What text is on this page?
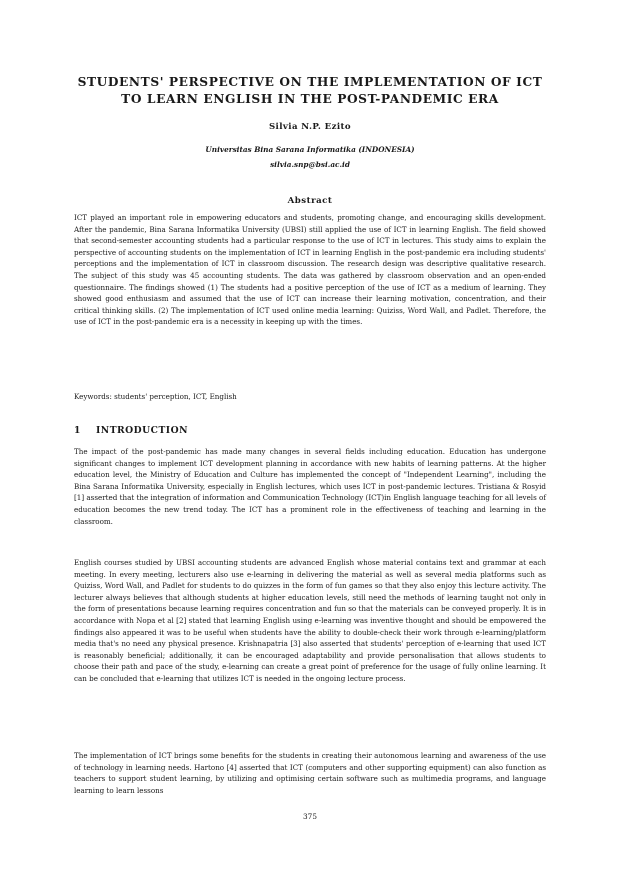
STUDENTS' PERSPECTIVE ON THE IMPLEMENTATION OF ICT
TO LEARN ENGLISH IN THE POST-PANDEMIC ERA

Silvia N.P. Ezito

Universitas Bina Sarana Informatika (INDONESIA)

silvia.snp@bsi.ac.id

Abstract

ICT played an important role in empowering educators and students, promoting change, and encouraging skills development. After the pandemic, Bina Sarana Informatika University (UBSI) still applied the use of ICT in learning English. The field showed that second-semester accounting students had a particular response to the use of ICT in lectures. This study aims to explain the perspective of accounting students on the implementation of ICT in learning English in the post-pandemic era including students' perceptions and the implementation of ICT in classroom discussion. The research design was descriptive qualitative research. The subject of this study was 45 accounting students. The data was gathered by classroom observation and an open-ended questionnaire. The findings showed (1) The students had a positive perception of the use of ICT as a medium of learning. They showed good enthusiasm and assumed that the use of ICT can increase their learning motivation, concentration, and their critical thinking skills. (2) The implementation of ICT used online media learning: Quiziss, Word Wall, and Padlet. Therefore, the use of ICT in the post-pandemic era is a necessity in keeping up with the times.

Keywords: students' perception, ICT, English

1 INTRODUCTION

The impact of the post-pandemic has made many changes in several fields including education. Education has undergone significant changes to implement ICT development planning in accordance with new habits of learning patterns. At the higher education level, the Ministry of Education and Culture has implemented the concept of "Independent Learning", including the Bina Sarana Informatika University, especially in English lectures, which uses ICT in post-pandemic lectures. Tristiana & Rosyid [1] asserted that the integration of information and Communication Technology (ICT)in English language teaching for all levels of education becomes the new trend today. The ICT has a prominent role in the effectiveness of teaching and learning in the classroom.

English courses studied by UBSI accounting students are advanced English whose material contains text and grammar at each meeting. In every meeting, lecturers also use e-learning in delivering the material as well as several media platforms such as Quiziss, Word Wall, and Padlet for students to do quizzes in the form of fun games so that they also enjoy this lecture activity. The lecturer always believes that although students at higher education levels, still need the methods of learning taught not only in the form of presentations because learning requires concentration and fun so that the materials can be conveyed properly. It is in accordance with Nopa et al [2] stated that learning English using e-learning was inventive thought and should be empowered the findings also appeared it was to be useful when students have the ability to double-check their work through e-learning/platform media that's no need any physical presence. Krishnapatria [3] also asserted that students' perception of e-learning that used ICT is reasonably beneficial; additionally, it can be encouraged adaptability and provide personalisation that allows students to choose their path and pace of the study, e-learning can create a great point of preference for the usage of fully online learning. It can be concluded that e-learning that utilizes ICT is needed in the ongoing lecture process.

The implementation of ICT brings some benefits for the students in creating their autonomous learning and awareness of the use of technology in learning needs. Hartono [4] asserted that ICT (computers and other supporting equipment) can also function as teachers to support student learning, by utilizing and optimising certain software such as multimedia programs, and language learning to learn lessons

375
